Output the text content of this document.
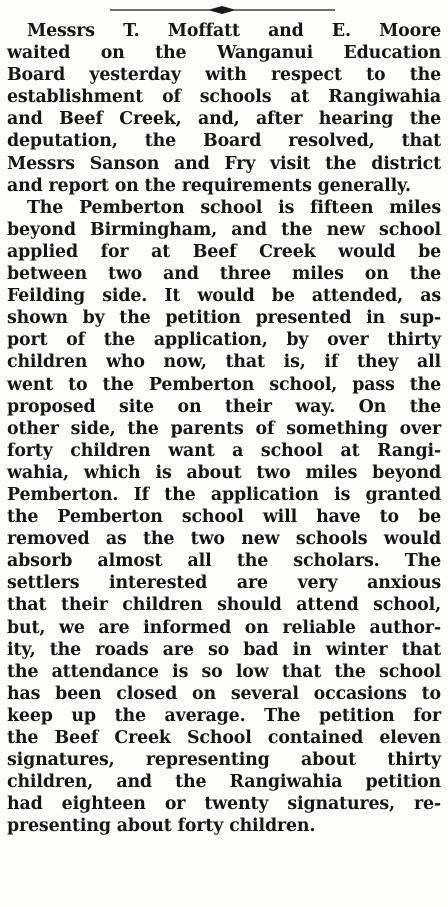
Messrs T. Moffatt and E. Moore
waited on the Wanganui Education
Board yesterday with respect to the
establishment of schools at Rangiwahia
and Beef Creek, and, after hearing the
deputation, the Board resolved, that
Messrs Sanson and Fry visit the district
and report on the requirements generally.
The Pemberton school is fifteen miles
beyond Birmingham, and the new school
applied for at Beef Creek would be
between two and three miles on the
Feilding side. It would be attended, as
shown by the petition presented in sup-
port of the application, by over thirty
children who now, that is, if they all
went to the Pemberton school, pass the
proposed site on their way. On the
other side, the parents of something over
forty children want a school at Rangi-
wahia, which is about two miles beyond
Pemberton. If the application is granted
the Pemberton school will have to be
removed as the two new schools would
absorb almost all the scholars. The
settlers interested are very anxious
that their children should attend school,
but, we are informed on reliable author-
ity, the roads are so bad in winter that
the attendance is so low that the school
has been closed on several occasions to
keep up the average. The petition for
the Beef Creek School contained eleven
signatures, representing about thirty
children, and the Rangiwahia petition
had eighteen or twenty signatures, re-
presenting about forty children.
